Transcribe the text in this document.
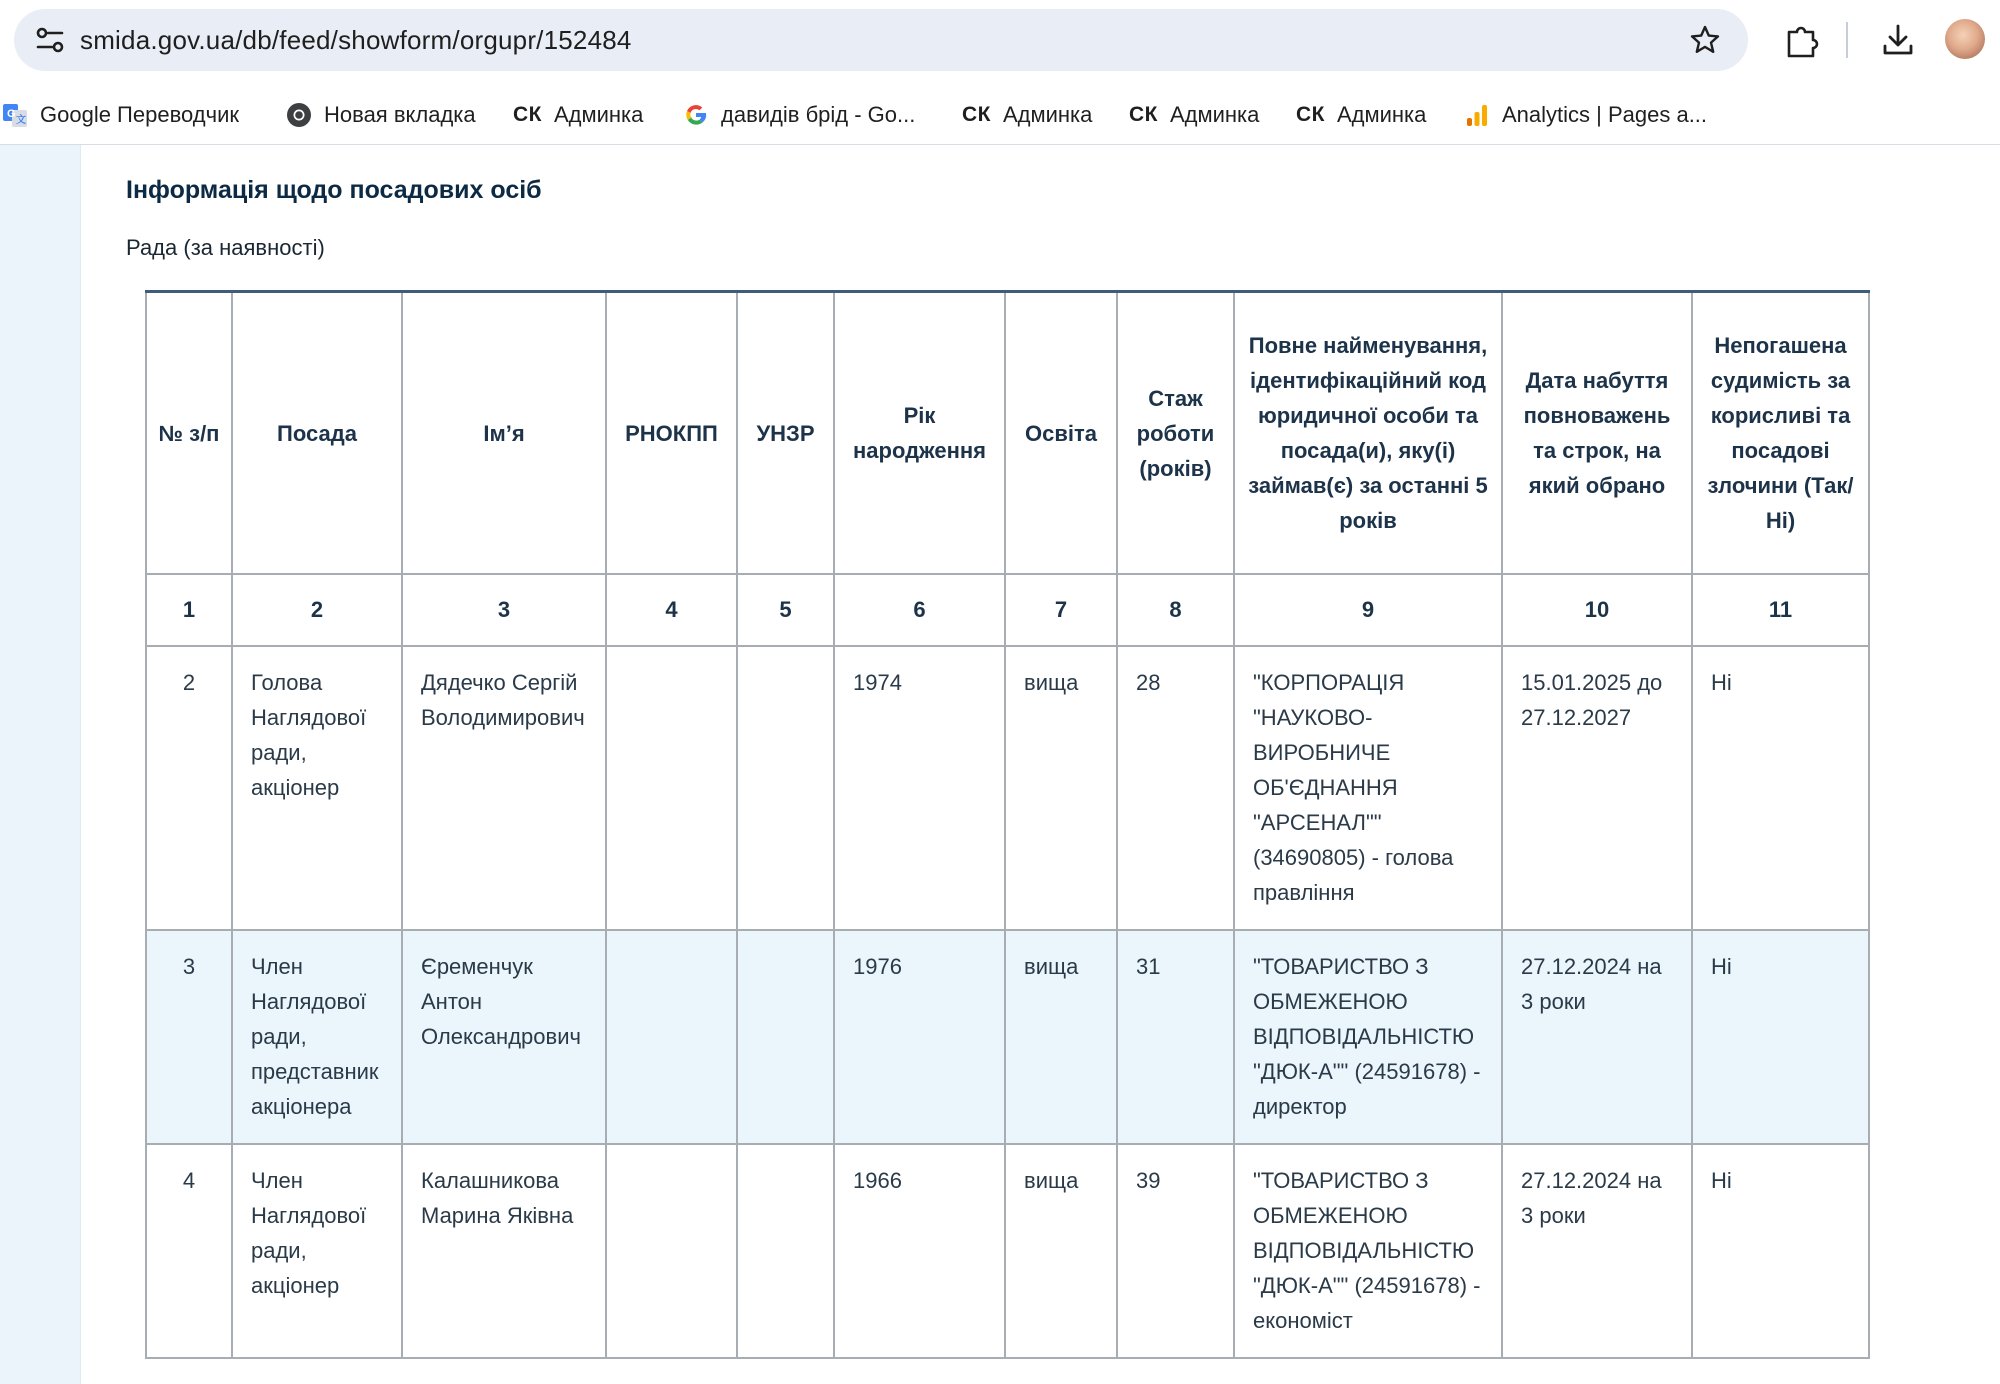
smida.gov.ua/db/feed/showform/orgupr/152484
G
文 Google Переводчик	Новая вкладка СК Админка	давидів брід - Go... СК Админка СК Админка СК Админка	Analytics | Pages a...
Інформація щодо посадових осіб
Рада (за наявності)
№ з/п	Посада	Ім’я	РНОКПП	УНЗР	Рік народження	Освіта	Стаж роботи (років)	Повне найменування, ідентифікаційний код юридичної особи та посада(и), яку(і) займав(є) за останні 5 років	Дата набуття повноважень та строк, на який обрано	Непогашена судимість за корисливі та посадові злочини (Так/Ні)
1	2	3	4	5	6	7	8	9	10	11
2	Голова Наглядової ради, акціонер	Дядечко Сергій Володимирович			1974	вища	28	"КОРПОРАЦІЯ "НАУКОВО-ВИРОБНИЧЕ ОБ'ЄДНАННЯ "АРСЕНАЛ"" (34690805) - голова правління	15.01.2025 до 27.12.2027	Ні
3	Член Наглядової ради, представник акціонера	Єременчук Антон Олександрович			1976	вища	31	"ТОВАРИСТВО З ОБМЕЖЕНОЮ ВІДПОВІДАЛЬНІСТЮ "ДЮК-А"" (24591678) - директор	27.12.2024 на 3 роки	Ні
4	Член Наглядової ради, акціонер	Калашникова Марина Яківна			1966	вища	39	"ТОВАРИСТВО З ОБМЕЖЕНОЮ ВІДПОВІДАЛЬНІСТЮ "ДЮК-А"" (24591678) - економіст	27.12.2024 на 3 роки	Ні
